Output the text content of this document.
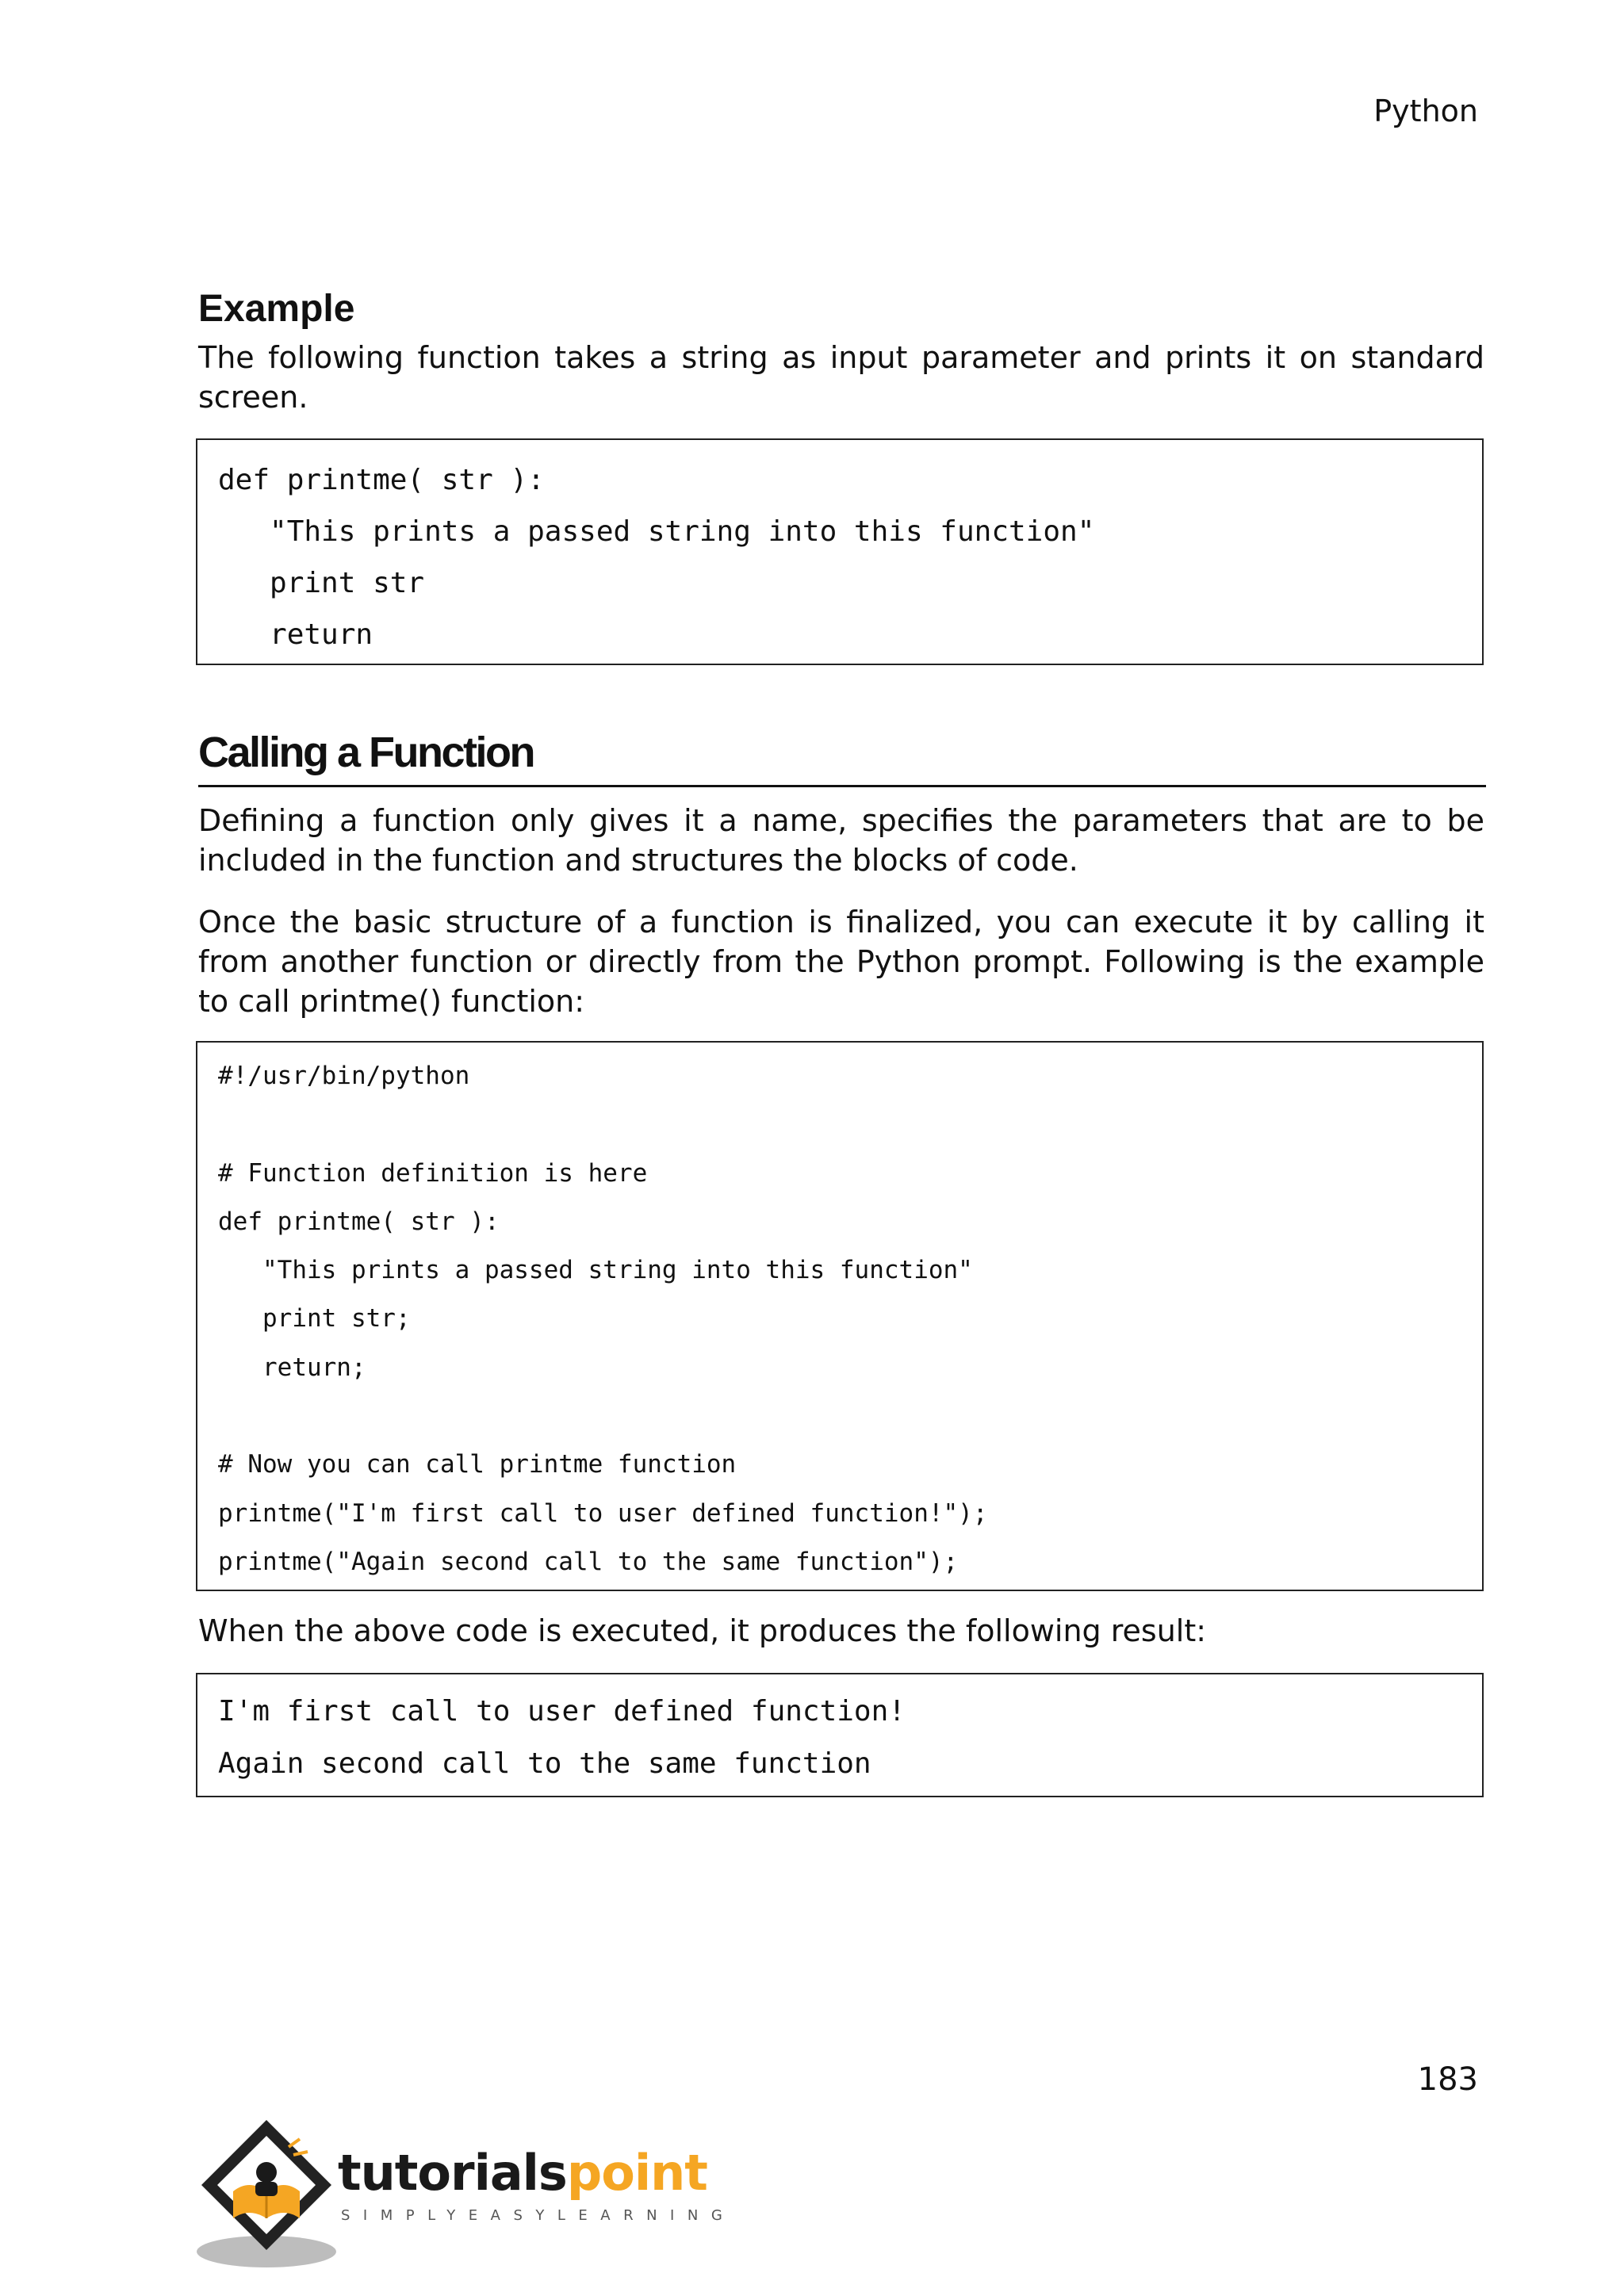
Python
Example

The following function takes a string as input parameter and prints it on standard screen.

def printme( str ):
"This prints a passed string into this function"
print str
return
Calling a Function

Defining a function only gives it a name, specifies the parameters that are to be included in the function and structures the blocks of code.

Once the basic structure of a function is finalized, you can execute it by calling it from another function or directly from the Python prompt. Following is the example to call printme() function:

#!/usr/bin/python
# Function definition is here
def printme( str ):
"This prints a passed string into this function"
print str;
return;
# Now you can call printme function
printme("I'm first call to user defined function!");
printme("Again second call to the same function");

When the above code is executed, it produces the following result:

I'm first call to user defined function!
Again second call to the same function
183
tutorialspoint
SIMPLYEASYLEARNING
